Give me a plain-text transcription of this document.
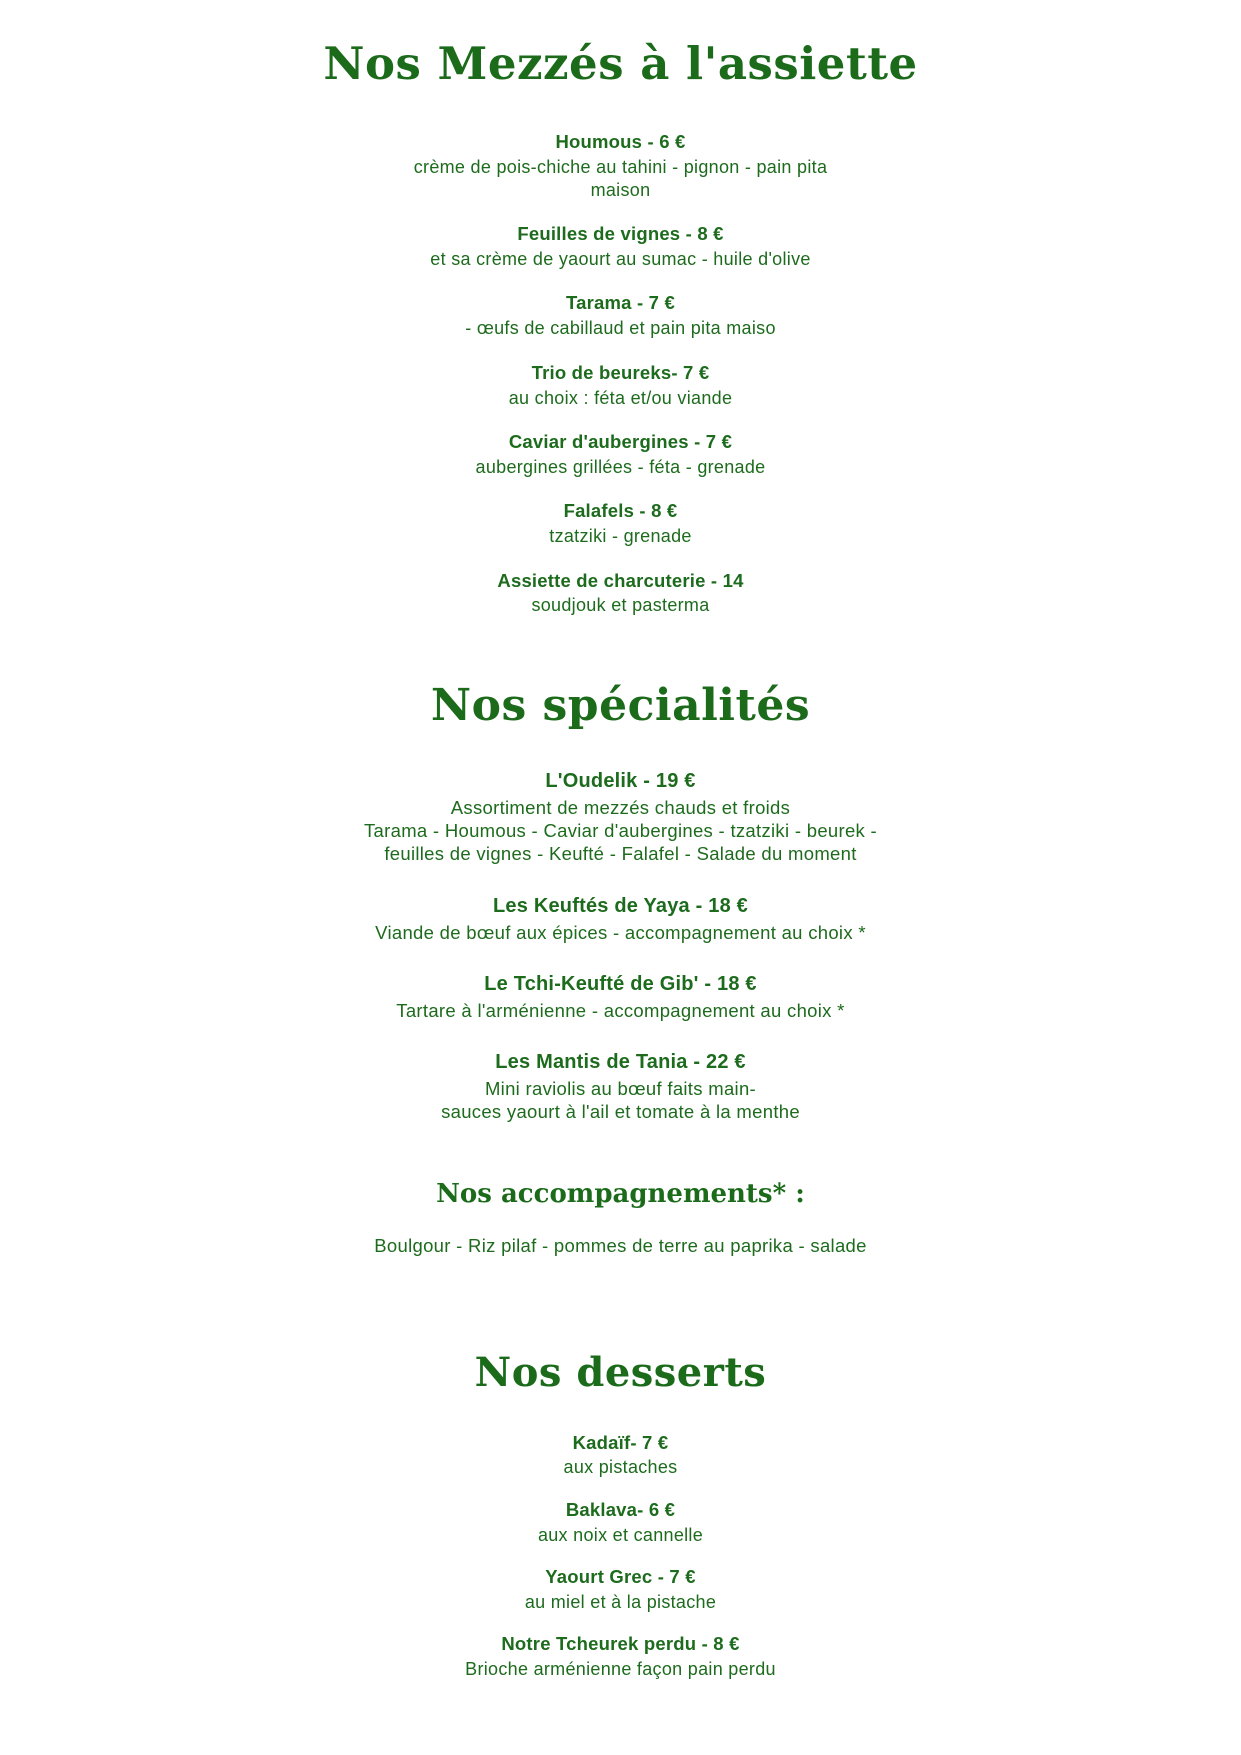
Nos Mezzés à l'assiette

Houmous - 6 €

crème de pois-chiche au tahini - pignon - pain pita
maison

Feuilles de vignes - 8 €

et sa crème de yaourt au sumac - huile d'olive

Tarama - 7 €

- œufs de cabillaud et pain pita maiso

Trio de beureks- 7 €

au choix : féta et/ou viande

Caviar d'aubergines - 7 €

aubergines grillées - féta - grenade

Falafels - 8 €

tzatziki - grenade

Assiette de charcuterie - 14

soudjouk et pasterma

Nos spécialités

L'Oudelik - 19 €

Assortiment de mezzés chauds et froids
Tarama - Houmous - Caviar d'aubergines - tzatziki - beurek -
feuilles de vignes - Keufté - Falafel - Salade du moment

Les Keuftés de Yaya - 18 €

Viande de bœuf aux épices - accompagnement au choix *

Le Tchi-Keufté de Gib' - 18 €

Tartare à l'arménienne - accompagnement au choix *

Les Mantis de Tania - 22 €

Mini raviolis au bœuf faits main-
sauces yaourt à l'ail et tomate à la menthe

Nos accompagnements* :

Boulgour - Riz pilaf - pommes de terre au paprika - salade

Nos desserts

Kadaïf- 7 €

aux pistaches

Baklava- 6 €

aux noix et cannelle

Yaourt Grec - 7 €

au miel et à la pistache

Notre Tcheurek perdu - 8 €

Brioche arménienne façon pain perdu
